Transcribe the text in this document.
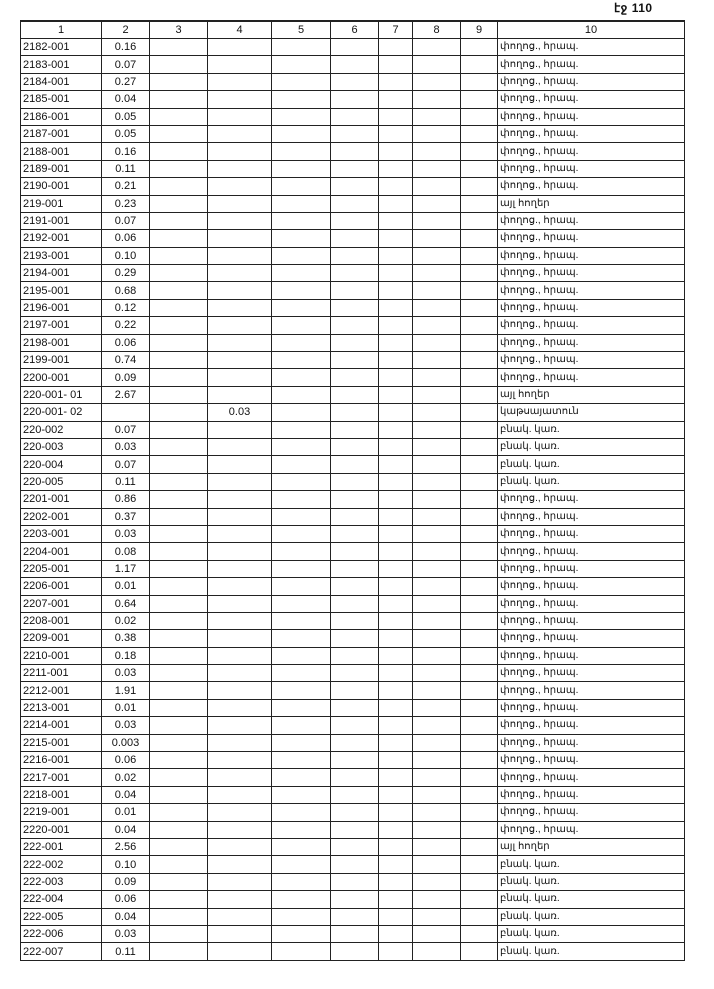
էջ 110
1	2	3	4	5	6	7	8	9	10
2182-001	0.16								փողոց., հրապ.
2183-001	0.07								փողոց., հրապ.
2184-001	0.27								փողոց., հրապ.
2185-001	0.04								փողոց., հրապ.
2186-001	0.05								փողոց., հրապ.
2187-001	0.05								փողոց., հրապ.
2188-001	0.16								փողոց., հրապ.
2189-001	0.11								փողոց., հրապ.
2190-001	0.21								փողոց., հրապ.
219-001	0.23								այլ հողեր
2191-001	0.07								փողոց., հրապ.
2192-001	0.06								փողոց., հրապ.
2193-001	0.10								փողոց., հրապ.
2194-001	0.29								փողոց., հրապ.
2195-001	0.68								փողոց., հրապ.
2196-001	0.12								փողոց., հրապ.
2197-001	0.22								փողոց., հրապ.
2198-001	0.06								փողոց., հրապ.
2199-001	0.74								փողոց., հրապ.
2200-001	0.09								փողոց., հրապ.
220-001- 01	2.67								այլ հողեր
220-001- 02			0.03						կաթսայատուն
220-002	0.07								բնակ. կառ.
220-003	0.03								բնակ. կառ.
220-004	0.07								բնակ. կառ.
220-005	0.11								բնակ. կառ.
2201-001	0.86								փողոց., հրապ.
2202-001	0.37								փողոց., հրապ.
2203-001	0.03								փողոց., հրապ.
2204-001	0.08								փողոց., հրապ.
2205-001	1.17								փողոց., հրապ.
2206-001	0.01								փողոց., հրապ.
2207-001	0.64								փողոց., հրապ.
2208-001	0.02								փողոց., հրապ.
2209-001	0.38								փողոց., հրապ.
2210-001	0.18								փողոց., հրապ.
2211-001	0.03								փողոց., հրապ.
2212-001	1.91								փողոց., հրապ.
2213-001	0.01								փողոց., հրապ.
2214-001	0.03								փողոց., հրապ.
2215-001	0.003								փողոց., հրապ.
2216-001	0.06								փողոց., հրապ.
2217-001	0.02								փողոց., հրապ.
2218-001	0.04								փողոց., հրապ.
2219-001	0.01								փողոց., հրապ.
2220-001	0.04								փողոց., հրապ.
222-001	2.56								այլ հողեր
222-002	0.10								բնակ. կառ.
222-003	0.09								բնակ. կառ.
222-004	0.06								բնակ. կառ.
222-005	0.04								բնակ. կառ.
222-006	0.03								բնակ. կառ.
222-007	0.11								բնակ. կառ.
